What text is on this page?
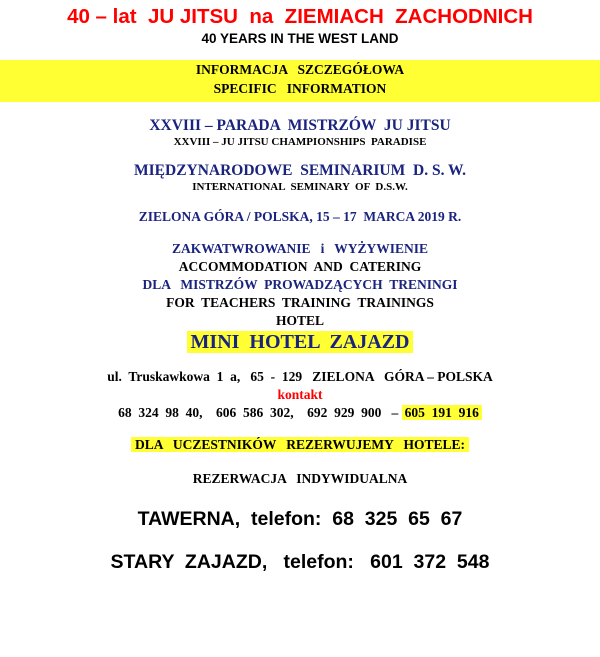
40 – lat  JU JITSU  na  ZIEMIACH  ZACHODNICH
40 YEARS IN THE WEST LAND
INFORMACJA   SZCZEGÓŁOWA
SPECIFIC   INFORMATION
XXVIII – PARADA  MISTRZÓW  JU JITSU
XXVIII – JU JITSU CHAMPIONSHIPS  PARADISE
MIĘDZYNARODOWE  SEMINARIUM  D. S. W.
INTERNATIONAL  SEMINARY  OF  D.S.W.
ZIELONA GÓRA / POLSKA, 15 – 17  MARCA 2019 R.
ZAKWATWROWANIE   i   WYŻYWIENIE
ACCOMMODATION  AND  CATERING
DLA   MISTRZÓW  PROWADZĄCYCH  TRENINGI
FOR  TEACHERS  TRAINING  TRAININGS
HOTEL
MINI  HOTEL  ZAJAZD
ul.  Truskawkowa  1  a,   65  -  129   ZIELONA   GÓRA – POLSKA
kontakt
68  324  98  40,    606  586  302,    692  929  900   – 605  191  916
DLA   UCZESTNIKÓW   REZERWUJEMY   HOTELE:
REZERWACJA   INDYWIDUALNA
TAWERNA,  telefon:  68  325  65  67
STARY  ZAJAZD,   telefon:   601  372  548
